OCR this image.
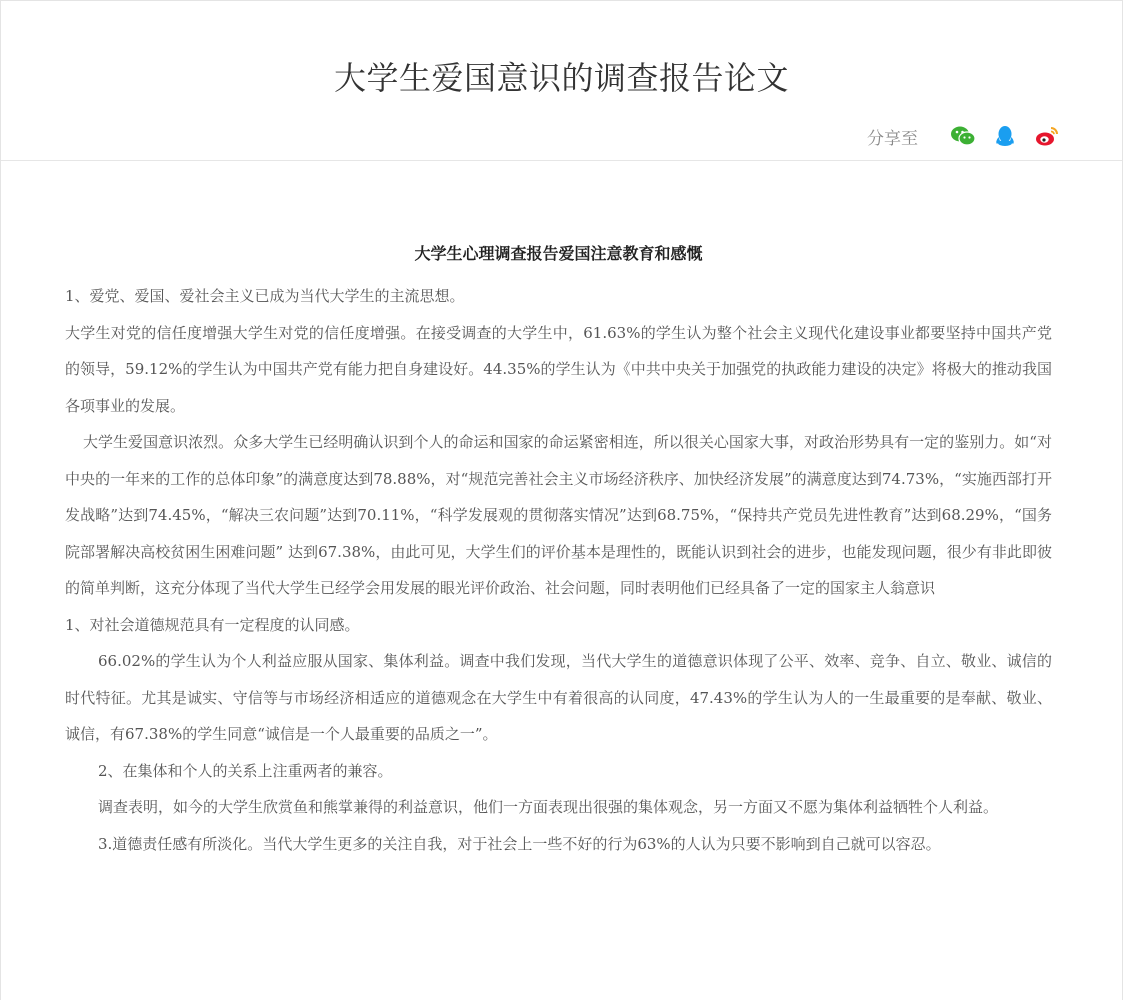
大学生爱国意识的调查报告论文
分享至
大学生心理调查报告爱国注意教育和感慨

1、爱党、爱国、爱社会主义已成为当代大学生的主流思想。

大学生对党的信任度增强大学生对党的信任度增强。在接受调查的大学生中，61.63%的学生认为整个社会主义现代化建设事业都要坚持中国共产党的领导，59.12%的学生认为中国共产党有能力把自身建设好。44.35%的学生认为《中共中央关于加强党的执政能力建设的决定》将极大的推动我国各项事业的发展。

大学生爱国意识浓烈。众多大学生已经明确认识到个人的命运和国家的命运紧密相连，所以很关心国家大事，对政治形势具有一定的鉴别力。如“对中央的一年来的工作的总体印象”的满意度达到78.88%，对“规范完善社会主义市场经济秩序、加快经济发展”的满意度达到74.73%，“实施西部打开发战略”达到74.45%，“解决三农问题”达到70.11%，“科学发展观的贯彻落实情况”达到68.75%，“保持共产党员先进性教育”达到68.29%，“国务院部署解决高校贫困生困难问题” 达到67.38%，由此可见，大学生们的评价基本是理性的，既能认识到社会的进步，也能发现问题，很少有非此即彼的简单判断，这充分体现了当代大学生已经学会用发展的眼光评价政治、社会问题，同时表明他们已经具备了一定的国家主人翁意识

1、对社会道德规范具有一定程度的认同感。

66.02%的学生认为个人利益应服从国家、集体利益。调查中我们发现，当代大学生的道德意识体现了公平、效率、竞争、自立、敬业、诚信的时代特征。尤其是诚实、守信等与市场经济相适应的道德观念在大学生中有着很高的认同度，47.43%的学生认为人的一生最重要的是奉献、敬业、诚信，有67.38%的学生同意“诚信是一个人最重要的品质之一”。

2、在集体和个人的关系上注重两者的兼容。

调查表明，如今的大学生欣赏鱼和熊掌兼得的利益意识，他们一方面表现出很强的集体观念，另一方面又不愿为集体利益牺牲个人利益。

3.道德责任感有所淡化。当代大学生更多的关注自我，对于社会上一些不好的行为63%的人认为只要不影响到自己就可以容忍。
